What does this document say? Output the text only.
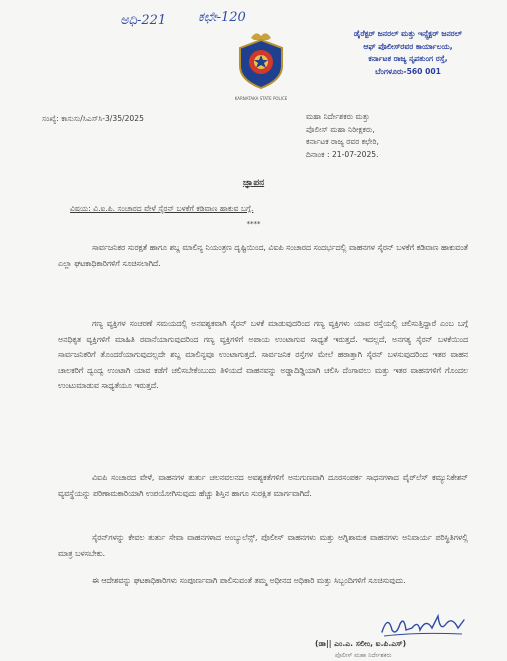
ಅಧಿ-221 ಕಛೇ-120
KARNATAKA STATE POLICE
ಡೈರೆಕ್ಟರ್ ಜನರಲ್ ಮತ್ತು ಇನ್ಸ್ಪೆಕ್ಟರ್ ಜನರಲ್
ಆಫ್ ಪೊಲೀಸ್‌ರವರ ಕಾರ್ಯಾಲಯ,
ಕರ್ನಾಟಕ ರಾಜ್ಯ ನೃಪತುಂಗ ರಸ್ತೆ,
ಬೆಂಗಳೂರು-560 001
ಸಂಖ್ಯೆ: ಕಾಸುಸು/ಸಿಎಸ್‌ಸಿ-3/35/2025	ಮಹಾ ನಿರ್ದೇಶಕರು ಮತ್ತು
ಪೊಲೀಸ್ ಮಹಾ ನಿರೀಕ್ಷಕರು,
ಕರ್ನಾಟಕ ರಾಜ್ಯ ರವರ ಕಛೇರಿ,
ದಿನಾಂಕ : 21-07-2025.
ಜ್ಞಾಪನ
ವಿಷಯ: ವಿ.ಐ.ಪಿ. ಸಂಚಾರದ ವೇಳೆ ಸೈರನ್ ಬಳಕೆಗೆ ಕಡಿವಾಣ ಹಾಕುವ ಬಗ್ಗೆ.
****
ಸಾರ್ವಜನಿಕರ ಸುರಕ್ಷತೆ ಹಾಗೂ ಶಬ್ದ ಮಾಲಿನ್ಯ ನಿಯಂತ್ರಣ ದೃಷ್ಟಿಯಿಂದ, ವಿಐಪಿ ಸಂಚಾರದ ಸಂದರ್ಭದಲ್ಲಿ ವಾಹನಗಳ ಸೈರನ್ ಬಳಕೆಗೆ ಕಡಿವಾಣ ಹಾಕುವಂತೆ ಎಲ್ಲಾ ಘಟಕಾಧಿಕಾರಿಗಳಿಗೆ ಸೂಚಿಸಲಾಗಿದೆ.
ಗಣ್ಯ ವ್ಯಕ್ತಿಗಳ ಸಂಚರಣೆ ಸಮಯದಲ್ಲಿ ಅನವಶ್ಯಕವಾಗಿ ಸೈರನ್ ಬಳಕೆ ಮಾಡುವುದರಿಂದ ಗಣ್ಯ ವ್ಯಕ್ತಿಗಳು ಯಾವ ರಸ್ತೆಯಲ್ಲಿ ಚಲಿಸುತ್ತಿದ್ದಾರೆ ಎಂಬ ಬಗ್ಗೆ ಅನಧಿಕೃತ ವ್ಯಕ್ತಿಗಳಿಗೆ ಮಾಹಿತಿ ರವಾನೆಯಾಗುವುದರಿಂದ ಗಣ್ಯ ವ್ಯಕ್ತಿಗಳಿಗೆ ಅಪಾಯ ಉಂಟಾಗುವ ಸಾಧ್ಯತೆ ಇರುತ್ತದೆ. ಇದಲ್ಲದೆ, ಅನಗತ್ಯ ಸೈರನ್ ಬಳಕೆಯಿಂದ ಸಾರ್ವಜನಿಕರಿಗೆ ತೊಂದರೆಯಾಗುವುದಲ್ಲದೇ ಶಬ್ದ ಮಾಲಿನ್ಯವೂ ಉಂಟಾಗುತ್ತದೆ. ಸಾರ್ವಜನಿಕ ರಸ್ತೆಗಳ ಮೇಲೆ ಹಠಾತ್ತಾಗಿ ಸೈರನ್ ಬಳಸುವುದರಿಂದ ಇತರ ವಾಹನ ಚಾಲಕರಿಗೆ ದ್ವಂದ್ವ ಉಂಟಾಗಿ ಯಾವ ಕಡೆಗೆ ಚಲಿಸಬೇಕೆಂಬುದು ತಿಳಿಯದೆ ವಾಹನವನ್ನು ಅಡ್ಡಾದಿಡ್ಡಿಯಾಗಿ ಚಲಿಸಿ ದೆಂಗಾವಲು ಮತ್ತು ಇತರ ವಾಹನಗಳಿಗೆ ಗೊಂದಲ ಉಂಟುಮಾಡುವ ಸಾಧ್ಯತೆಯೂ ಇರುತ್ತದೆ.
ವಿಐಪಿ ಸಂಚಾರದ ವೇಳೆ, ವಾಹನಗಳ ತುರ್ತು ಚಲನವಲನದ ಅವಶ್ಯಕತೆಗಳಿಗೆ ಅನುಗುಣವಾಗಿ ದೂರಸಂಪರ್ಕ ಸಾಧನಗಳಾದ ವೈರ್‌ಲೆಸ್ ಕಮ್ಯುನಿಕೇಶನ್ ವ್ಯವಸ್ಥೆಯನ್ನು ಪರಿಣಾಮಕಾರಿಯಾಗಿ ಉಪಯೋಗಿಸುವುದು ಹೆಚ್ಚು ಶಿಸ್ತಿನ ಹಾಗೂ ಸುರಕ್ಷಿತ ಮಾರ್ಗವಾಗಿದೆ.
ಸೈರನ್‌ಗಳನ್ನು ಕೇವಲ ತುರ್ತು ಸೇವಾ ವಾಹನಗಳಾದ ಅಂಬ್ಯುಲೆನ್ಸ್, ಪೊಲೀಸ್ ವಾಹನಗಳು ಮತ್ತು ಅಗ್ನಿಶಾಮಕ ವಾಹನಗಳು ಅನಿವಾರ್ಯ ಪರಿಸ್ಥಿತಿಗಳಲ್ಲಿ ಮಾತ್ರ ಬಳಸಬೇಕು.
ಈ ಆದೇಶವನ್ನು ಘಟಕಾಧಿಕಾರಿಗಳು ಸಂಪೂರ್ಣವಾಗಿ ಪಾಲಿಸುವಂತೆ ತಮ್ಮ ಅಧೀನದ ಅಧಿಕಾರಿ ಮತ್ತು ಸಿಬ್ಬಂದಿಗಳಿಗೆ ಸೂಚಿಸುವುದು.
(ಡಾ|| ಎಂ.ಎ. ಸಲೀಂ, ಐ.ಪಿ.ಎಸ್)
ಪೊಲೀಸ್ ಮಹಾ ನಿರ್ದೇಶಕರು
